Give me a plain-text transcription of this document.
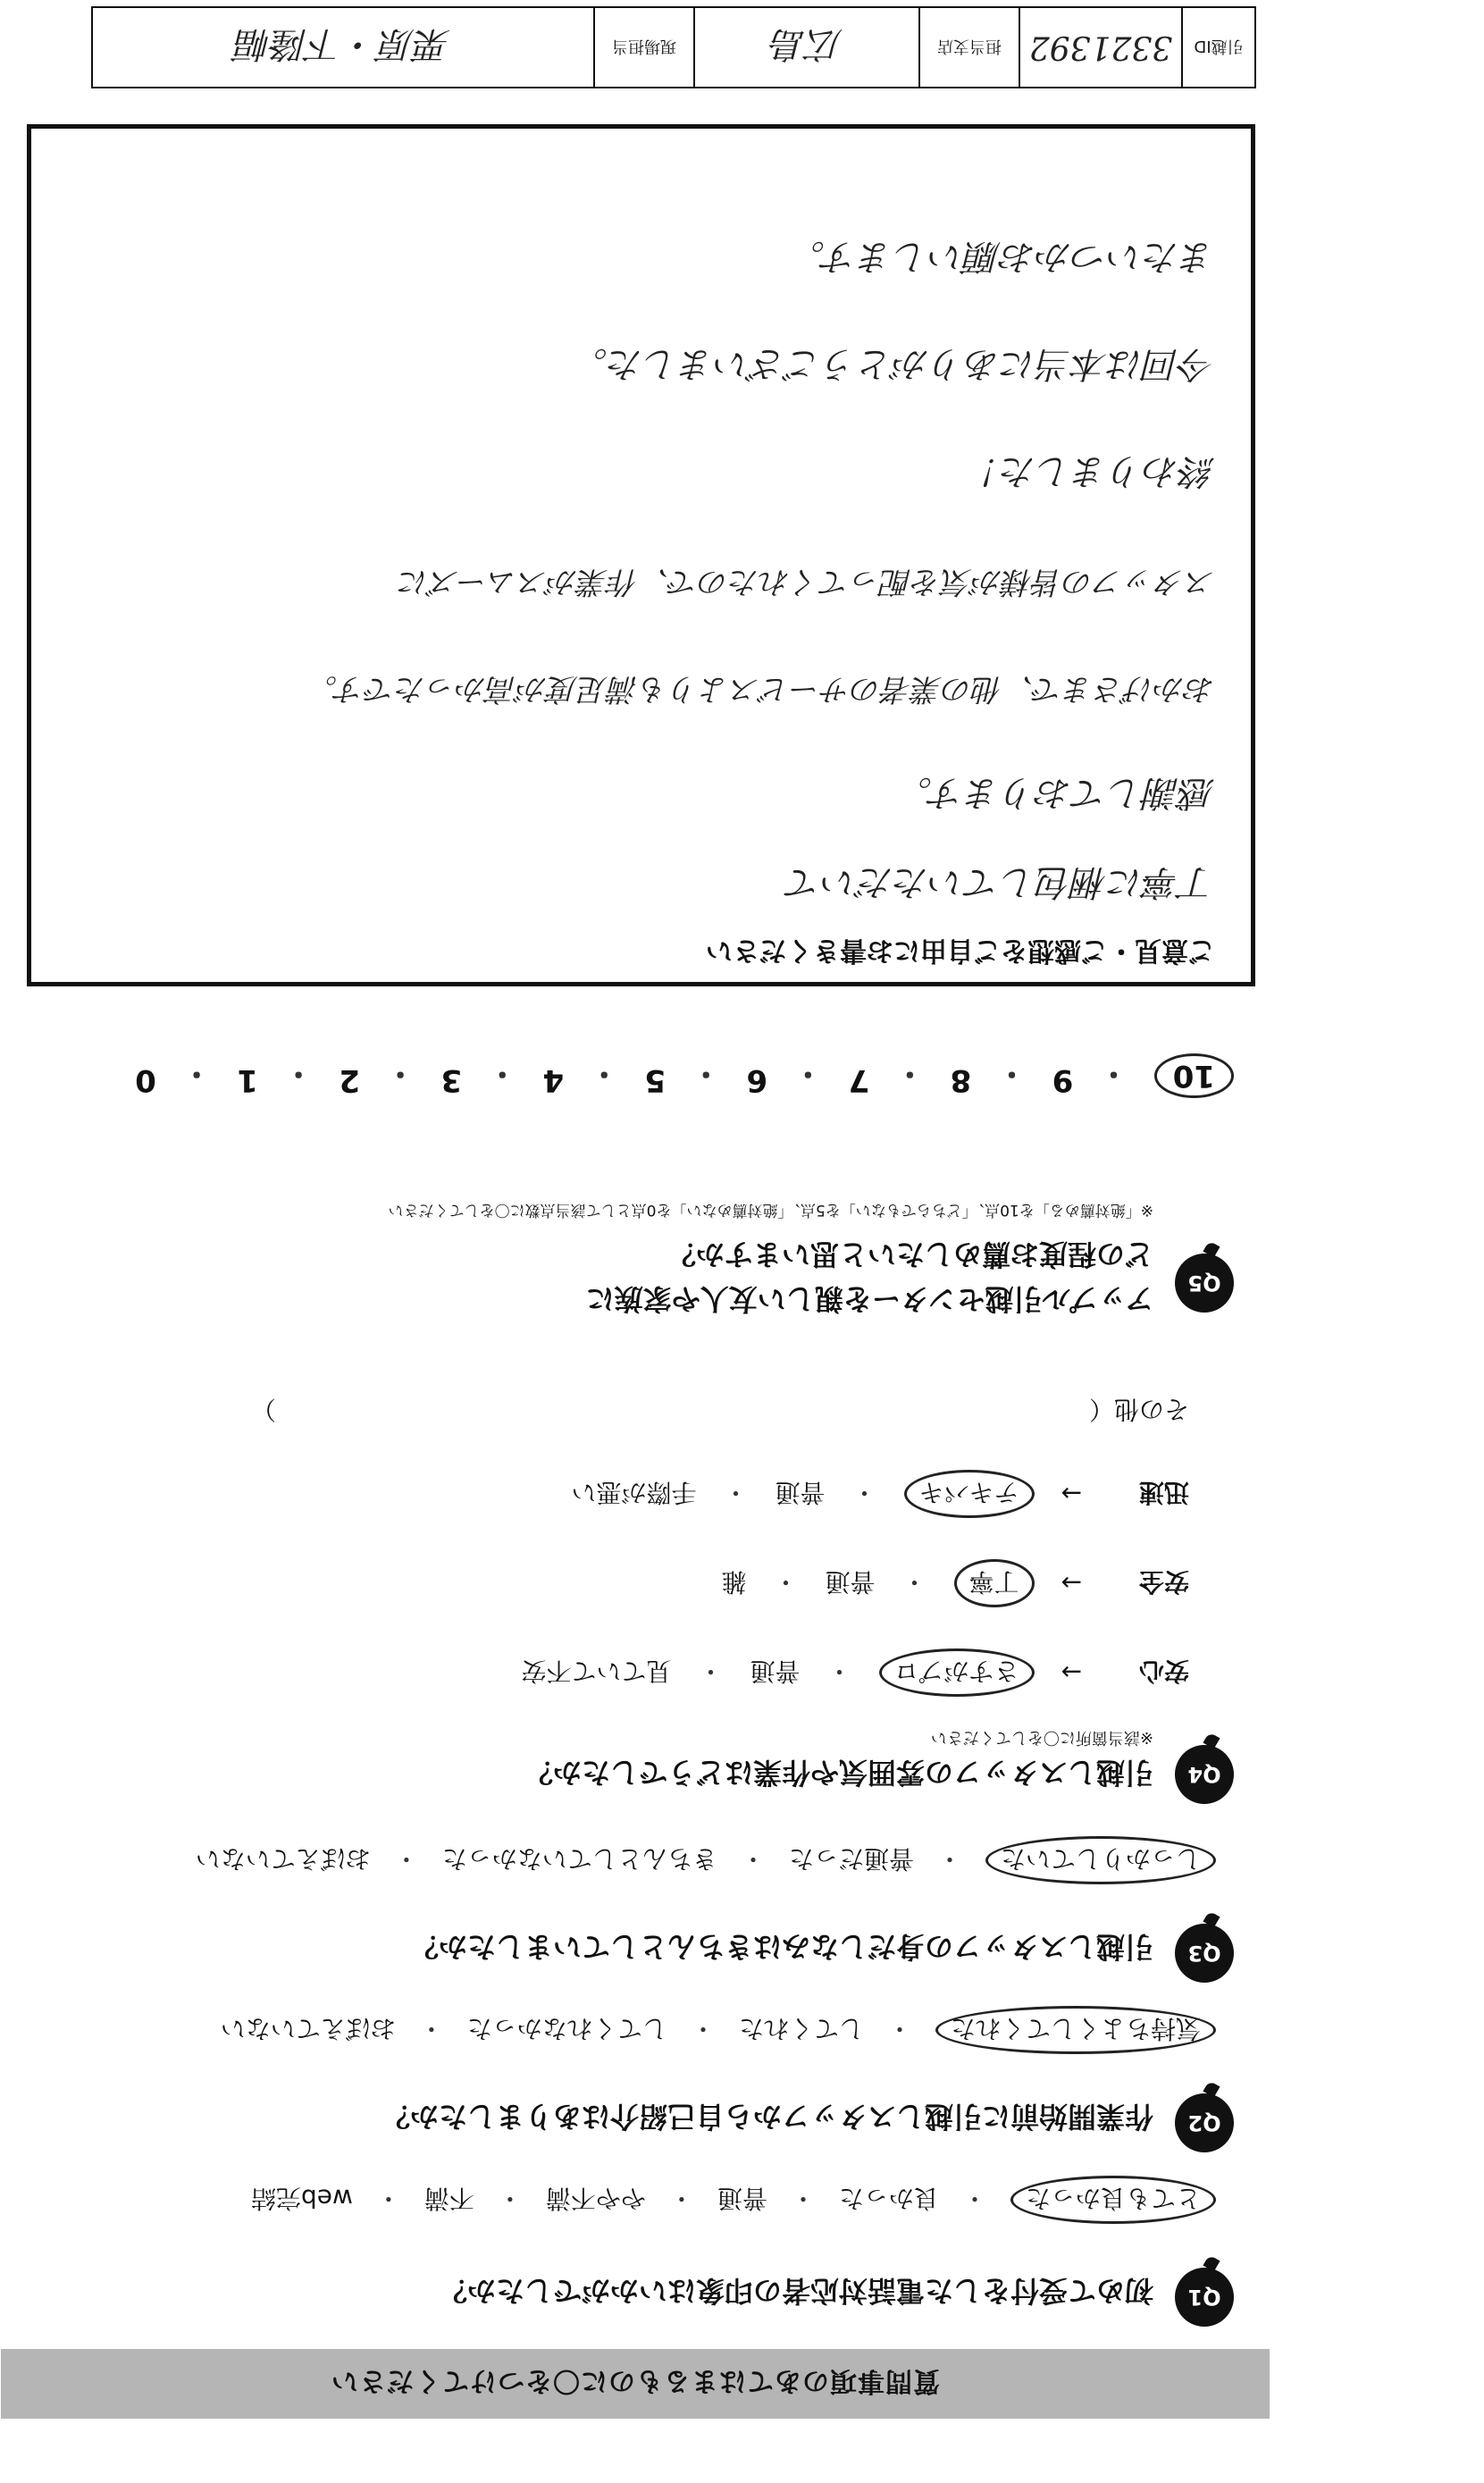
引越ID
3321392
担当支店
広島
現場担当
栗原・下隆幅
質問事項のあてはまるものに〇をつけてください
Q1
初めて受付をした電話対応者の印象はいかがでしたか？
とても良かった
・
良かった
・
普通
・
やや不満
・
不満
・
web完結
Q2
作業開始前に引越しスタッフから自己紹介はありましたか？
気持ちよくしてくれた
・
してくれた
・
してくれなかった
・
おぼえていない
Q3
引越しスタッフの身だしなみはきちんとしていましたか？
しっかりしていた
・
普通だった
・
きちんとしていなかった
・
おぼえていない
Q4
引越しスタッフの雰囲気や作業はどうでしたか？
※該当箇所に〇をしてください
安心
→
さすがプロ
・
普通
・
見ていて不安
安全
→
丁寧
・
普通
・
雑
迅速
→
テキパキ
・
普通
・
手際が悪い
その他（
）
Q5
アップル引越センターを親しい友人や家族に
どの程度お薦めしたいと思いますか？
※「絶対薦める」を10点、「どちらでもない」を5点、「絶対薦めない」を0点として該当点数に〇をしてください
10
・
9
・
8
・
7
・
6
・
5
・
4
・
3
・
2
・
1
・
0
ご意見・ご感想をご自由にお書きください
丁寧に梱包していただいて
感謝しております。
おかげさまで、他の業者のサービスよりも満足度が高かったです。
スタッフの皆様が気を配ってくれたので、作業がスムーズに
終わりました！
今回は本当にありがとうございました。
またいつかお願いします。
